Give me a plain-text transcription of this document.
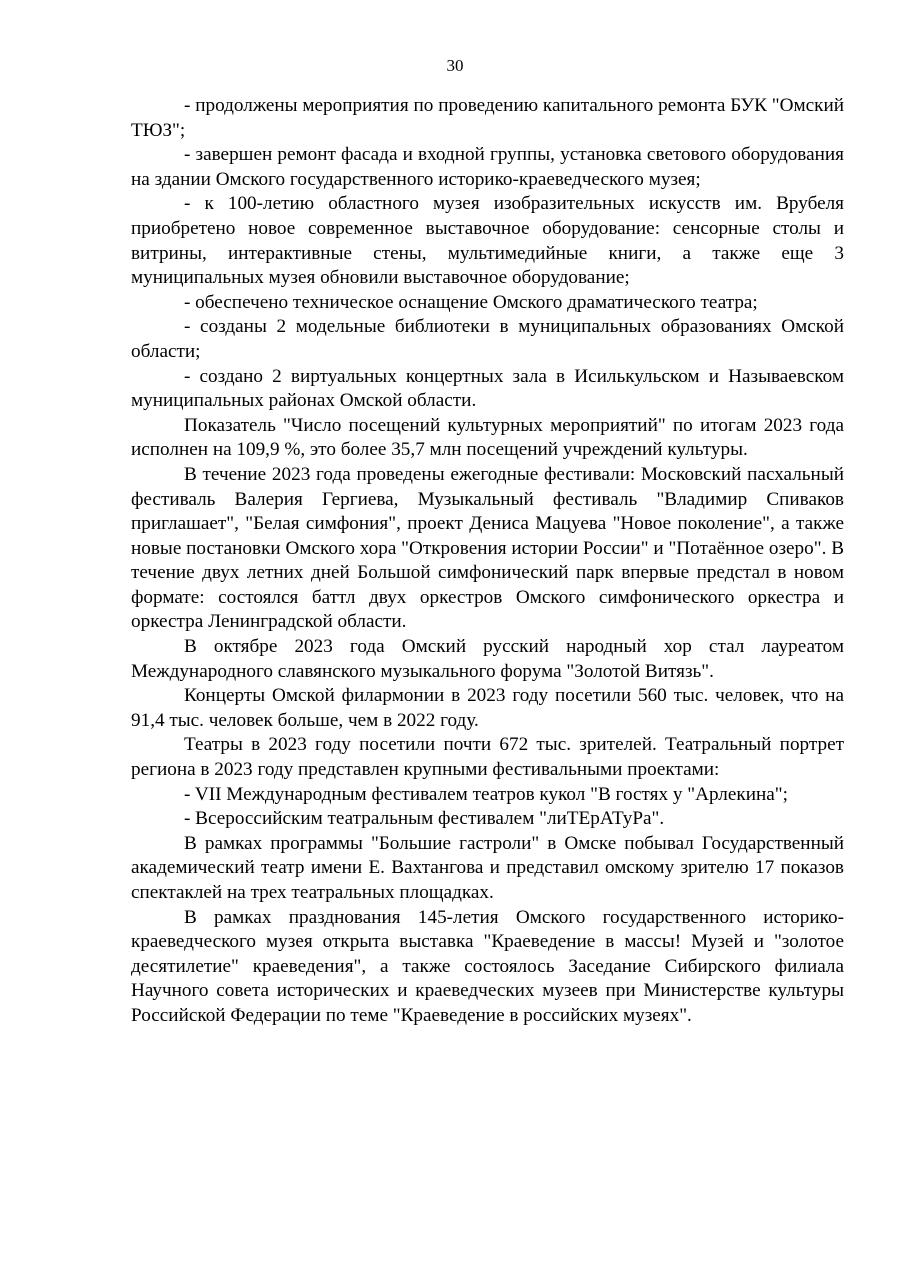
30

- продолжены мероприятия по проведению капитального ремонта БУК "Омский ТЮЗ";

- завершен ремонт фасада и входной группы, установка светового оборудования на здании Омского государственного историко-краеведческого музея;

- к 100-летию областного музея изобразительных искусств им. Врубеля приобретено новое современное выставочное оборудование: сенсорные столы и витрины, интерактивные стены, мультимедийные книги, а также еще 3 муниципальных музея обновили выставочное оборудование;

- обеспечено техническое оснащение Омского драматического театра;

- созданы 2 модельные библиотеки в муниципальных образованиях Омской области;

- создано 2 виртуальных концертных зала в Исилькульском и Называевском муниципальных районах Омской области.

Показатель "Число посещений культурных мероприятий" по итогам 2023 года исполнен на 109,9 %, это более 35,7 млн посещений учреждений культуры.

В течение 2023 года проведены ежегодные фестивали: Московский пасхальный фестиваль Валерия Гергиева, Музыкальный фестиваль "Владимир Спиваков приглашает", "Белая симфония", проект Дениса Мацуева "Новое поколение", а также новые постановки Омского хора "Откровения истории России" и "Потаённое озеро". В течение двух летних дней Большой симфонический парк впервые предстал в новом формате: состоялся баттл двух оркестров Омского симфонического оркестра и оркестра Ленинградской области.

В октябре 2023 года Омский русский народный хор стал лауреатом Международного славянского музыкального форума "Золотой Витязь".

Концерты Омской филармонии в 2023 году посетили 560 тыс. человек, что на 91,4 тыс. человек больше, чем в 2022 году.

Театры в 2023 году посетили почти 672 тыс. зрителей. Театральный портрет региона в 2023 году представлен крупными фестивальными проектами:

- VII Международным фестивалем театров кукол "В гостях у "Арлекина";

- Всероссийским театральным фестивалем "лиТЕрАТуРа".

В рамках программы "Большие гастроли" в Омске побывал Государственный академический театр имени Е. Вахтангова и представил омскому зрителю 17 показов спектаклей на трех театральных площадках.

В рамках празднования 145-летия Омского государственного историко-краеведческого музея открыта выставка "Краеведение в массы! Музей и "золотое десятилетие" краеведения", а также состоялось Заседание Сибирского филиала Научного совета исторических и краеведческих музеев при Министерстве культуры Российской Федерации по теме "Краеведение в российских музеях".
